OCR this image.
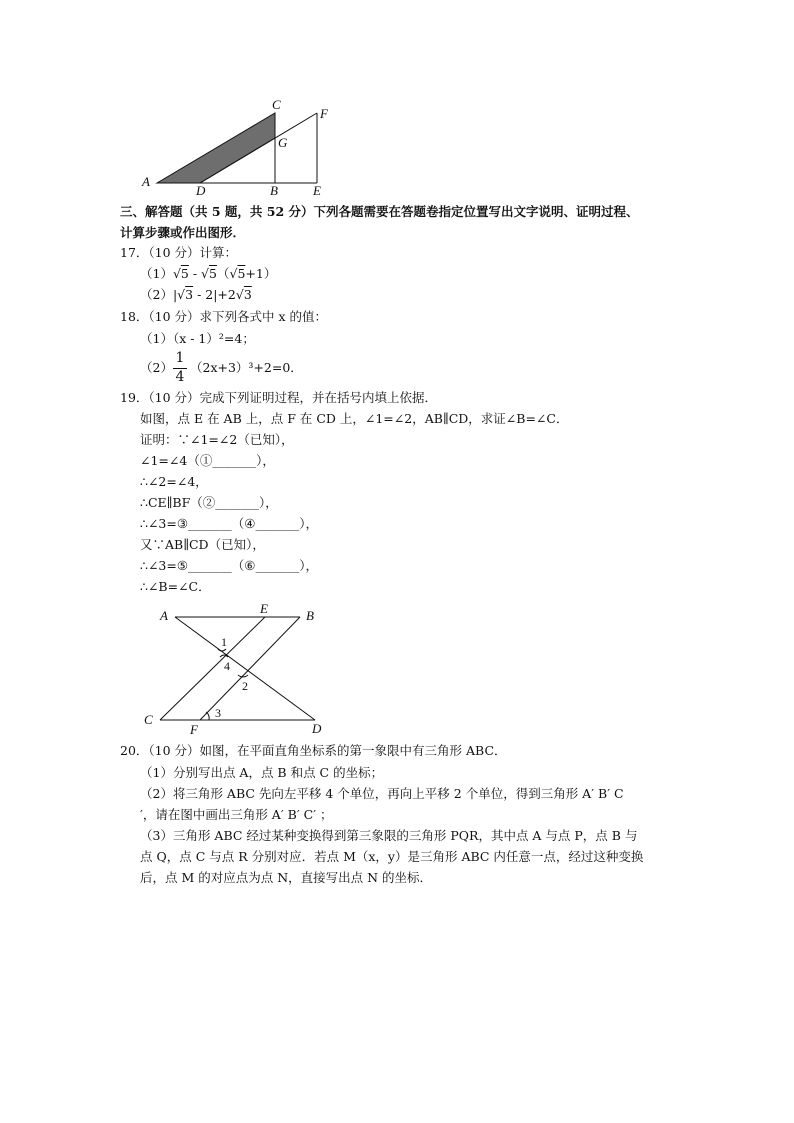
C
F
G
A
D	B	E
三、解答题（共 5 题，共 52 分）下列各题需要在答题卷指定位置写出文字说明、证明过程、
计算步骤或作出图形．
17．（10 分）计算：
（1）√5 - √5（√5+1）
（2）|√3 - 2|+2√3
18．（10 分）求下列各式中 x 的值：
（1）（x - 1）²=4；
（2）
1
4
（2x+3）³+2=0．
19．（10 分）完成下列证明过程，并在括号内填上依据．
如图，点 E 在 AB 上，点 F 在 CD 上，∠1=∠2，AB∥CD，求证∠B=∠C．
证明：∵∠1=∠2（已知），
∠1=∠4（①_______），
∴∠2=∠4，
∴CE∥BF（②_______），
∴∠3=③_______（④_______），
又∵AB∥CD（已知），
∴∠3=⑤_______（⑥_______），
∴∠B=∠C．
A	E	B
1
4
2
C
F
3
D
20．（10 分）如图，在平面直角坐标系的第一象限中有三角形 ABC．
（1）分别写出点 A，点 B 和点 C 的坐标；
（2）将三角形 ABC 先向左平移 4 个单位，再向上平移 2 个单位，得到三角形 A′ B′ C
′，请在图中画出三角形 A′ B′ C′ ；
（3）三角形 ABC 经过某种变换得到第三象限的三角形 PQR，其中点 A 与点 P，点 B 与
点 Q，点 C 与点 R 分别对应．若点 M（x，y）是三角形 ABC 内任意一点，经过这种变换
后，点 M 的对应点为点 N，直接写出点 N 的坐标．
